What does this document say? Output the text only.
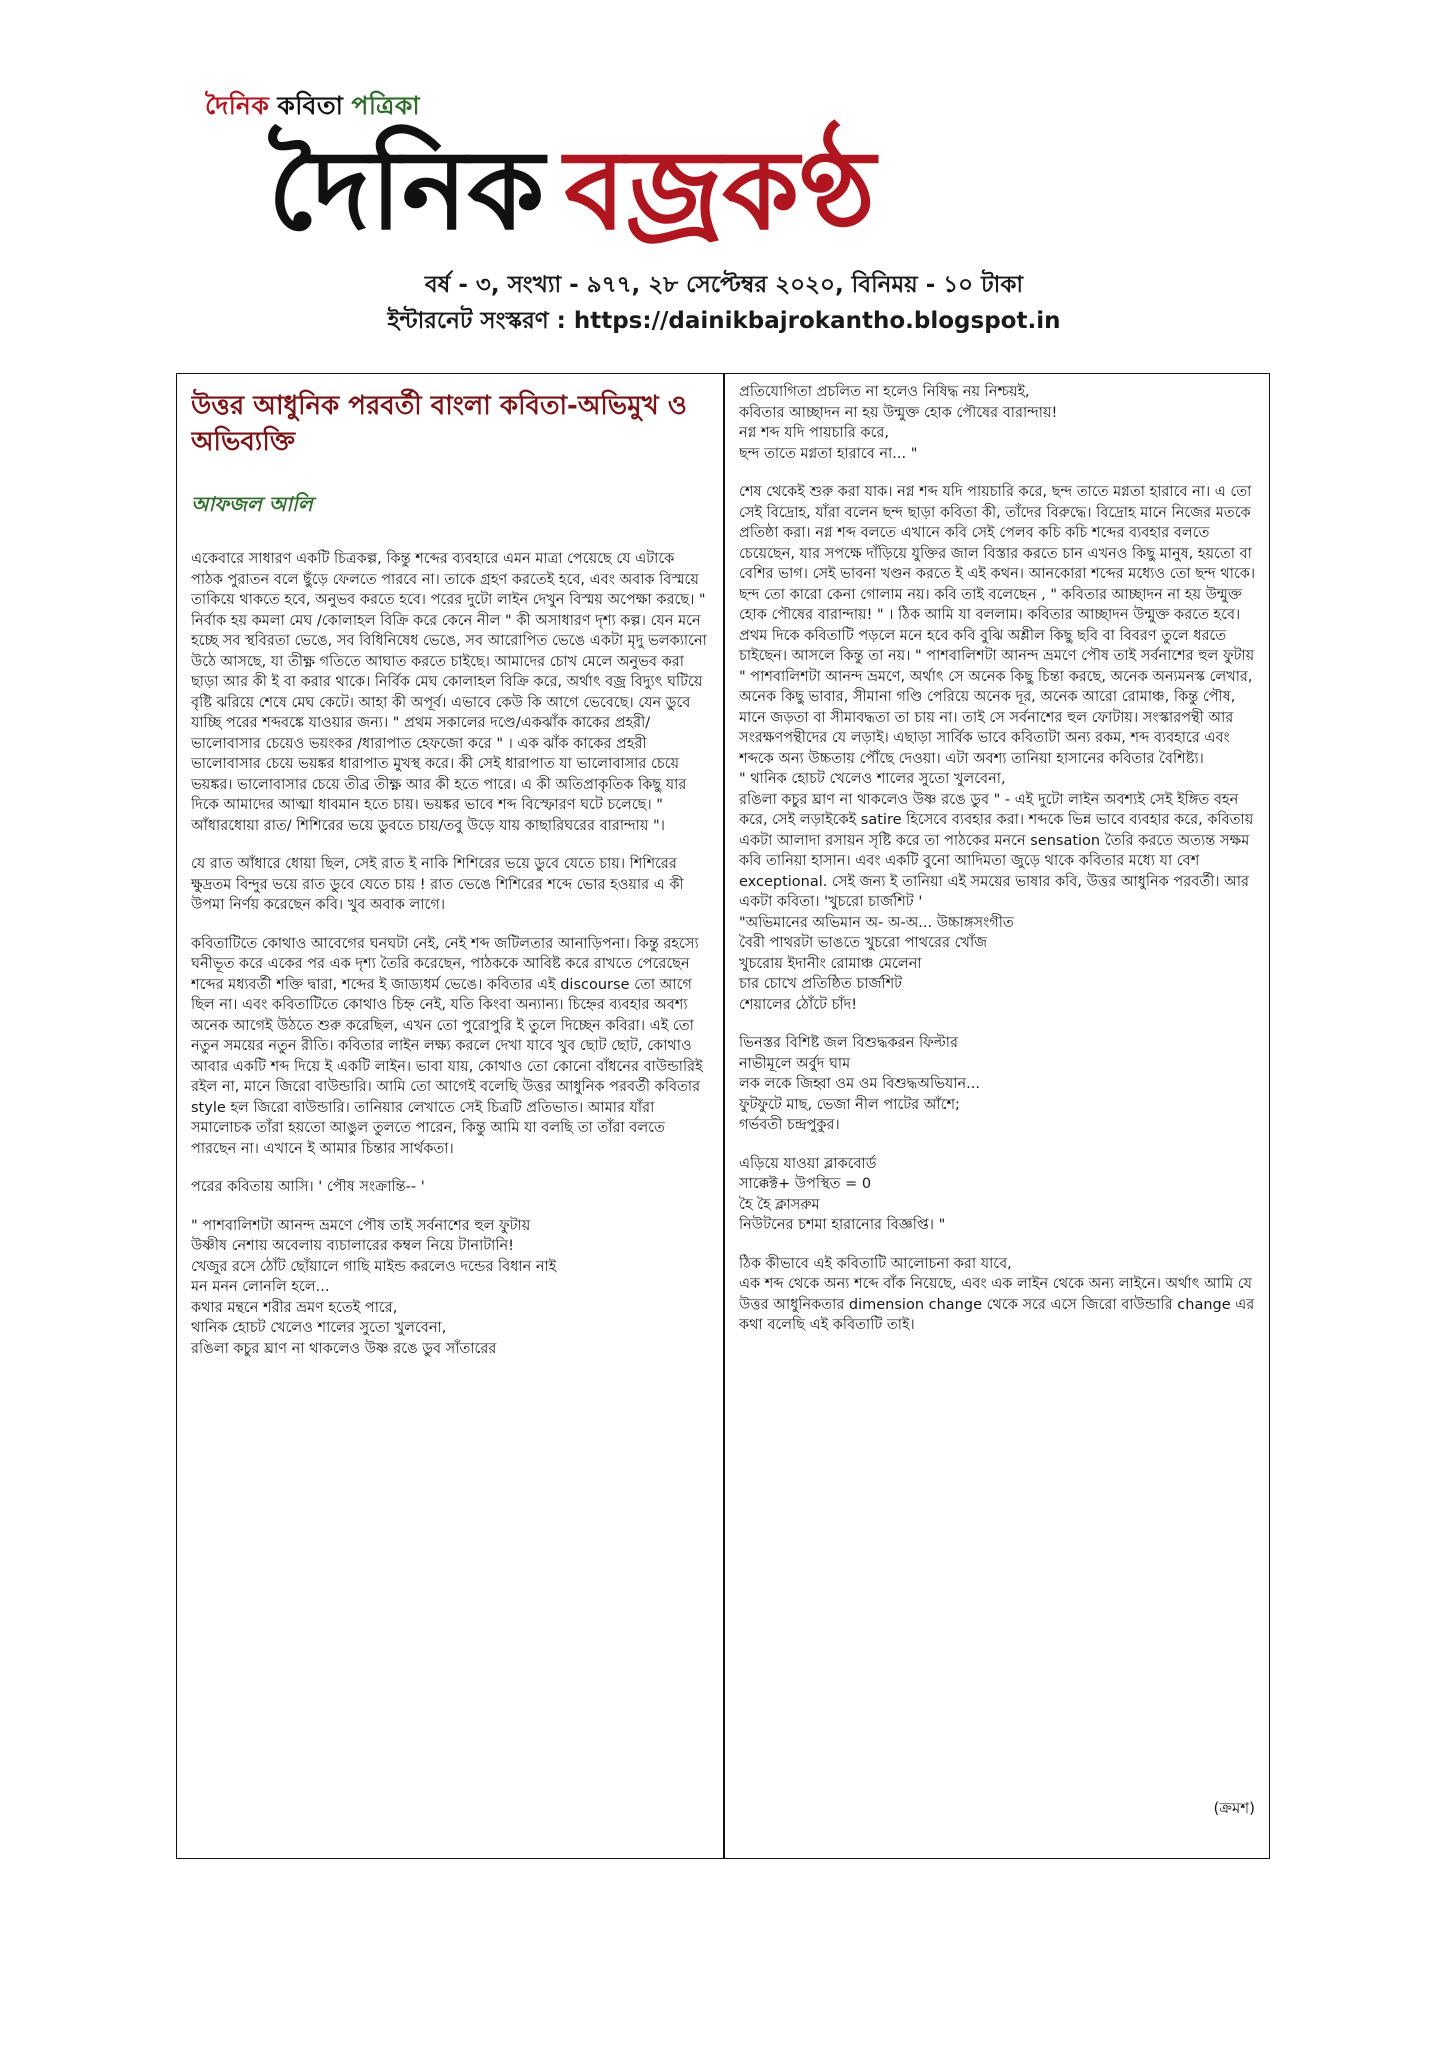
দৈনিক কবিতা পত্রিকা
দৈনিক বজ্রকণ্ঠ
বর্ষ - ৩, সংখ্যা - ৯৭৭, ২৮ সেপ্টেম্বর ২০২০, বিনিময় - ১০ টাকা
ইন্টারনেট সংস্করণ : https://dainikbajrokantho.blogspot.in
উত্তর আধুনিক পরবর্তী বাংলা কবিতা-অভিমুখ ও অভিব্যক্তি
আফজল আলি

একেবারে সাধারণ একটি চিত্রকল্প, কিন্তু শব্দের ব্যবহারে এমন মাত্রা পেয়েছে যে এটাকে পাঠক পুরাতন বলে ছুঁড়ে ফেলতে পারবে না। তাকে গ্রহণ করতেই হবে, এবং অবাক বিস্ময়ে তাকিয়ে থাকতে হবে, অনুভব করতে হবে। পরের দুটো লাইন দেখুন বিস্ময় অপেক্ষা করছে। " নির্বাক হয় কমলা মেঘ /কোলাহল বিক্রি করে কেনে নীল " কী অসাধারণ দৃশ্য কল্প। যেন মনে হচ্ছে সব স্থবিরতা ভেঙে, সব বিধিনিষেধ ভেঙে, সব আরোপিত ভেঙে একটা মৃদু ভলক্যানো উঠে আসছে, যা তীক্ষ্ণ গতিতে আঘাত করতে চাইছে। আমাদের চোখ মেলে অনুভব করা ছাড়া আর কী ই বা করার থাকে। নির্বিক মেঘ কোলাহল বিক্রি করে, অর্থাৎ বজ্র বিদ্যুৎ ঘটিয়ে বৃষ্টি ঝরিয়ে শেষে মেঘ কেটে। আহা কী অপূর্ব। এভাবে কেউ কি আগে ভেবেছে। যেন ডুবে যাচ্ছি পরের শব্দবঙ্কে যাওয়ার জন্য। " প্রথম সকালের দণ্ডে/একঝাঁক কাকের প্রহরী/ ভালোবাসার চেয়েও ভয়ংকর /ধারাপাত হেফজো করে " । এক ঝাঁক কাকের প্রহরী ভালোবাসার চেয়ে ভয়ঙ্কর ধারাপাত মুখস্থ করে। কী সেই ধারাপাত যা ভালোবাসার চেয়ে ভয়ঙ্কর। ভালোবাসার চেয়ে তীব্র তীক্ষ্ণ আর কী হতে পারে। এ কী অতিপ্রাকৃতিক কিছু যার দিকে আমাদের আত্মা ধাবমান হতে চায়। ভয়ঙ্কর ভাবে শব্দ বিস্ফোরণ ঘটে চলেছে। " আঁধারধোয়া রাত/ শিশিরের ভয়ে ডুবতে চায়/তবু উড়ে যায় কাছারিঘরের বারান্দায় "।

যে রাত আঁধারে ধোয়া ছিল, সেই রাত ই নাকি শিশিরের ভয়ে ডুবে যেতে চায়। শিশিরের ক্ষুদ্রতম বিন্দুর ভয়ে রাত ডুবে যেতে চায় ! রাত ভেঙে শিশিরের শব্দে ভোর হওয়ার এ কী উপমা নির্ণয় করেছেন কবি। খুব অবাক লাগে।

কবিতাটিতে কোথাও আবেগের ঘনঘটা নেই, নেই শব্দ জটিলতার আনাড়িপনা। কিন্তু রহস্যে ঘনীভূত করে একের পর এক দৃশ্য তৈরি করেছেন, পাঠককে আবিষ্ট করে রাখতে পেরেছেন শব্দের মধ্যবর্তী শক্তি দ্বারা, শব্দের ই জাড্যধর্ম ভেঙে। কবিতার এই discourse তো আগে ছিল না। এবং কবিতাটিতে কোথাও চিহ্ন নেই, যতি কিংবা অন্যান্য। চিহ্নের ব্যবহার অবশ্য অনেক আগেই উঠতে শুরু করেছিল, এখন তো পুরোপুরি ই তুলে দিচ্ছেন কবিরা। এই তো নতুন সময়ের নতুন রীতি। কবিতার লাইন লক্ষ্য করলে দেখা যাবে খুব ছোট ছোট, কোথাও আবার একটি শব্দ দিয়ে ই একটি লাইন। ভাবা যায়, কোথাও তো কোনো বাঁধনের বাউন্ডারিই রইল না, মানে জিরো বাউন্ডারি। আমি তো আগেই বলেছি উত্তর আধুনিক পরবর্তী কবিতার style হল জিরো বাউন্ডারি। তানিয়ার লেখাতে সেই চিত্রটি প্রতিভাত। আমার যাঁরা সমালোচক তাঁরা হয়তো আঙুল তুলতে পারেন, কিন্তু আমি যা বলছি তা তাঁরা বলতে পারছেন না। এখানে ই আমার চিন্তার সার্থকতা।

পরের কবিতায় আসি। ' পৌষ সংক্রান্তি-- '

" পাশবালিশটা আনন্দ ভ্রমণে পৌষ তাই সর্বনাশের হুল ফুটায়
উষ্ণীষ নেশায় অবেলায় ব্যচালারের কম্বল নিয়ে টানাটানি!
খেজুর রসে ঠোঁট ছোঁয়ালে গাছি মাইন্ড করলেও দন্ডের বিধান নাই
মন মনন লোনলি হলে...
কথার মন্থনে শরীর ভ্রমণ হতেই পারে,
থানিক হোচট খেলেও শালের সুতো খুলবেনা,
রঙিলা কচুর ঘ্রাণ না থাকলেও উষ্ণ রঙে ডুব সাঁতারের

প্রতিযোগিতা প্রচলিত না হলেও নিষিদ্ধ নয় নিশ্চয়ই,
কবিতার আচ্ছাদন না হয় উন্মুক্ত হোক পৌষের বারান্দায়!
নগ্ন শব্দ যদি পায়চারি করে,
ছন্দ তাতে মগ্নতা হারাবে না... "

শেষ থেকেই শুরু করা যাক। নগ্ন শব্দ যদি পায়চারি করে, ছন্দ তাতে মগ্নতা হারাবে না। এ তো সেই বিদ্রোহ, যাঁরা বলেন ছন্দ ছাড়া কবিতা কী, তাঁদের বিরুদ্ধে। বিদ্রোহ মানে নিজের মতকে প্রতিষ্ঠা করা। নগ্ন শব্দ বলতে এখানে কবি সেই পেলব কচি কচি শব্দের ব্যবহার বলতে চেয়েছেন, যার সপক্ষে দাঁড়িয়ে যুক্তির জাল বিস্তার করতে চান এখনও কিছু মানুষ, হয়তো বা বেশির ভাগ। সেই ভাবনা খণ্ডন করতে ই এই কথন। আনকোরা শব্দের মধ্যেও তো ছন্দ থাকে। ছন্দ তো কারো কেনা গোলাম নয়। কবি তাই বলেছেন , " কবিতার আচ্ছাদন না হয় উন্মুক্ত হোক পৌষের বারান্দায়! " । ঠিক আমি যা বললাম। কবিতার আচ্ছাদন উন্মুক্ত করতে হবে। প্রথম দিকে কবিতাটি পড়লে মনে হবে কবি বুঝি অশ্লীল কিছু ছবি বা বিবরণ তুলে ধরতে চাইছেন। আসলে কিন্তু তা নয়। " পাশবালিশটা আনন্দ ভ্রমণে পৌষ তাই সর্বনাশের হুল ফুটায় " পাশবালিশটা আনন্দ ভ্রমণে, অর্থাৎ সে অনেক কিছু চিন্তা করছে, অনেক অন্যমনস্ক লেখার, অনেক কিছু ভাবার, সীমানা গণ্ডি পেরিয়ে অনেক দূর, অনেক আরো রোমাঞ্চ, কিন্তু পৌষ, মানে জড়তা বা সীমাবদ্ধতা তা চায় না। তাই সে সর্বনাশের হুল ফোটায়। সংস্কারপন্থী আর সংরক্ষণপন্থীদের যে লড়াই। এছাড়া সার্বিক ভাবে কবিতাটা অন্য রকম, শব্দ ব্যবহারে এবং শব্দকে অন্য উচ্চতায় পৌঁছে দেওয়া। এটা অবশ্য তানিয়া হাসানের কবিতার বৈশিষ্ট্য।
" থানিক হোচট খেলেও শালের সুতো খুলবেনা,
রঙিলা কচুর ঘ্রাণ না থাকলেও উষ্ণ রঙে ডুব " - এই দুটো লাইন অবশ্যই সেই ইঙ্গিত বহন করে, সেই লড়াইকেই satire হিসেবে ব্যবহার করা। শব্দকে ভিন্ন ভাবে ব্যবহার করে, কবিতায় একটা আলাদা রসায়ন সৃষ্টি করে তা পাঠকের মননে sensation তৈরি করতে অত্যন্ত সক্ষম কবি তানিয়া হাসান। এবং একটি বুনো আদিমতা জুড়ে থাকে কবিতার মধ্যে যা বেশ exceptional. সেই জন্য ই তানিয়া এই সময়ের ভাষার কবি, উত্তর আধুনিক পরবর্তী। আর একটা কবিতা। 'খুচরো চার্জশিট '
"অভিমানের অভিমান অ- অ-অ... উচ্চাঙ্গসংগীত
বৈরী পাথরটা ভাঙতে খুচরো পাথরের খোঁজ
খুচরোয় ইদানীং রোমাঞ্চ মেলেনা
চার চোখে প্রতিষ্ঠিত চার্জশিট
শেয়ালের ঠোঁটে চাঁদ!

ভিনস্তর বিশিষ্ট জল বিশুদ্ধকরন ফিল্টার
নাভীমূলে অর্বুদ ঘাম
লক লকে জিহ্বা ওম ওম বিশুদ্ধঅভিযান...
ফুটফুটে মাছ, ভেজা নীল পাটের আঁশে;
গর্ভবতী চন্দ্রপুকুর।

এড়িয়ে যাওয়া ব্লাকবোর্ড
সাক্কেক্ট+ উপস্থিত = 0
হৈ হৈ ক্লাসরুম
নিউটনের চশমা হারানোর বিজ্ঞপ্তি। "

ঠিক কীভাবে এই কবিতাটি আলোচনা করা যাবে,
এক শব্দ থেকে অন্য শব্দে বাঁক নিয়েছে, এবং এক লাইন থেকে অন্য লাইনে। অর্থাৎ আমি যে উত্তর আধুনিকতার dimension change থেকে সরে এসে জিরো বাউন্ডারি change এর কথা বলেছি এই কবিতাটি তাই।

(ক্রমশ)
